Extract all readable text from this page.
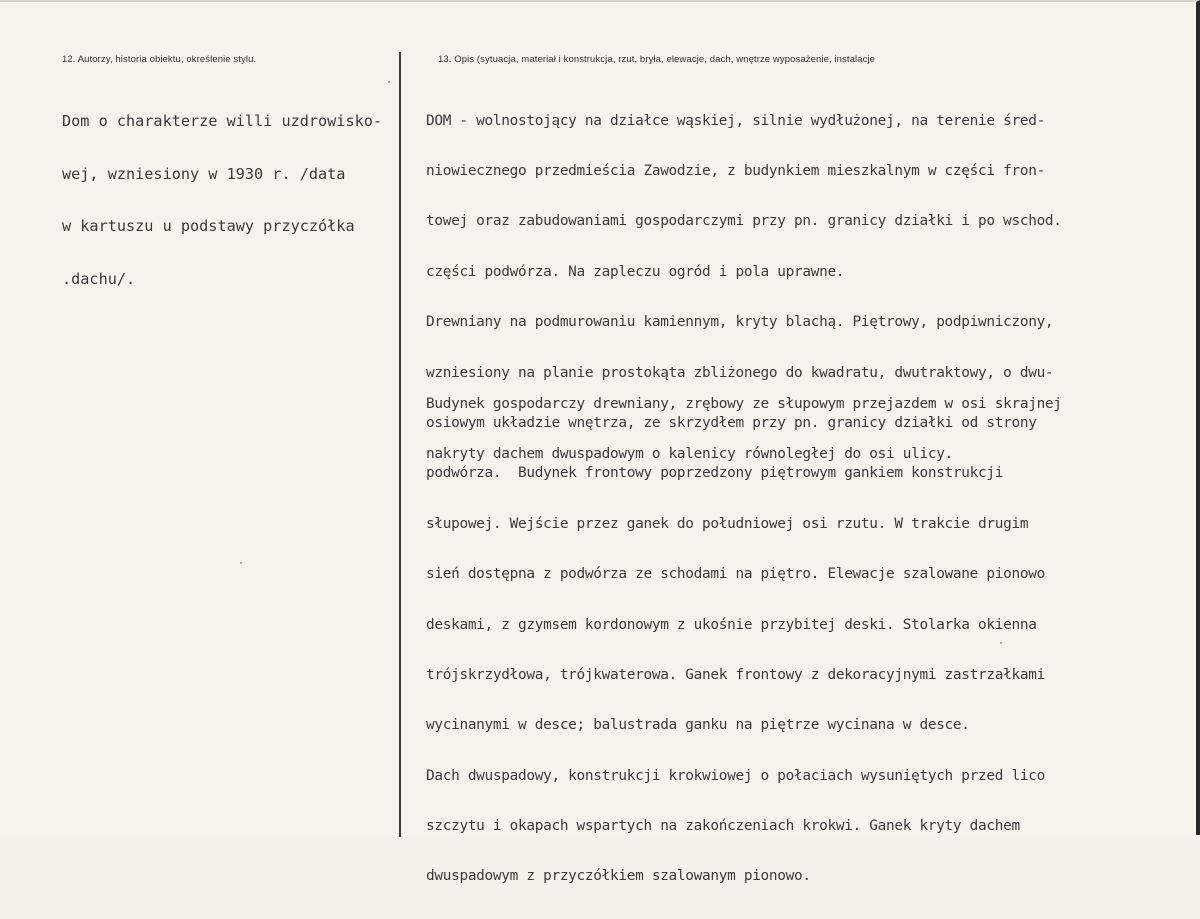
12. Autorzy, historia obiektu, określenie stylu.	13. Opis (sytuacja, materiał i konstrukcja, rzut, bryła, elewacje, dach, wnętrze wyposażenie, instalacje

Dom o charakterze willi uzdrowisko-

wej, wzniesiony w 1930 r. /data

w kartuszu u podstawy przyczółka

.dachu/.

DOM - wolnostojący na działce wąskiej, silnie wydłużonej, na terenie śred-

niowiecznego przedmieścia Zawodzie, z budynkiem mieszkalnym w części fron-

towej oraz zabudowaniami gospodarczymi przy pn. granicy działki i po wschod.

części podwórza. Na zapleczu ogród i pola uprawne.

Drewniany na podmurowaniu kamiennym, kryty blachą. Piętrowy, podpiwniczony,

wzniesiony na planie prostokąta zbliżonego do kwadratu, dwutraktowy, o dwu-

osiowym układzie wnętrza, ze skrzydłem przy pn. granicy działki od strony

podwórza.  Budynek frontowy poprzedzony piętrowym gankiem konstrukcji

słupowej. Wejście przez ganek do południowej osi rzutu. W trakcie drugim

sień dostępna z podwórza ze schodami na piętro. Elewacje szalowane pionowo

deskami, z gzymsem kordonowym z ukośnie przybitej deski. Stolarka okienna

trójskrzydłowa, trójkwaterowa. Ganek frontowy z dekoracyjnymi zastrzałkami

wycinanymi w desce; balustrada ganku na piętrze wycinana w desce.

Dach dwuspadowy, konstrukcji krokwiowej o połaciach wysuniętych przed lico

szczytu i okapach wspartych na zakończeniach krokwi. Ganek kryty dachem

dwuspadowym z przyczółkiem szalowanym pionowo.

Budynek gospodarczy drewniany, zrębowy ze słupowym przejazdem w osi skrajnej

nakryty dachem dwuspadowym o kalenicy równoległej do osi ulicy.
